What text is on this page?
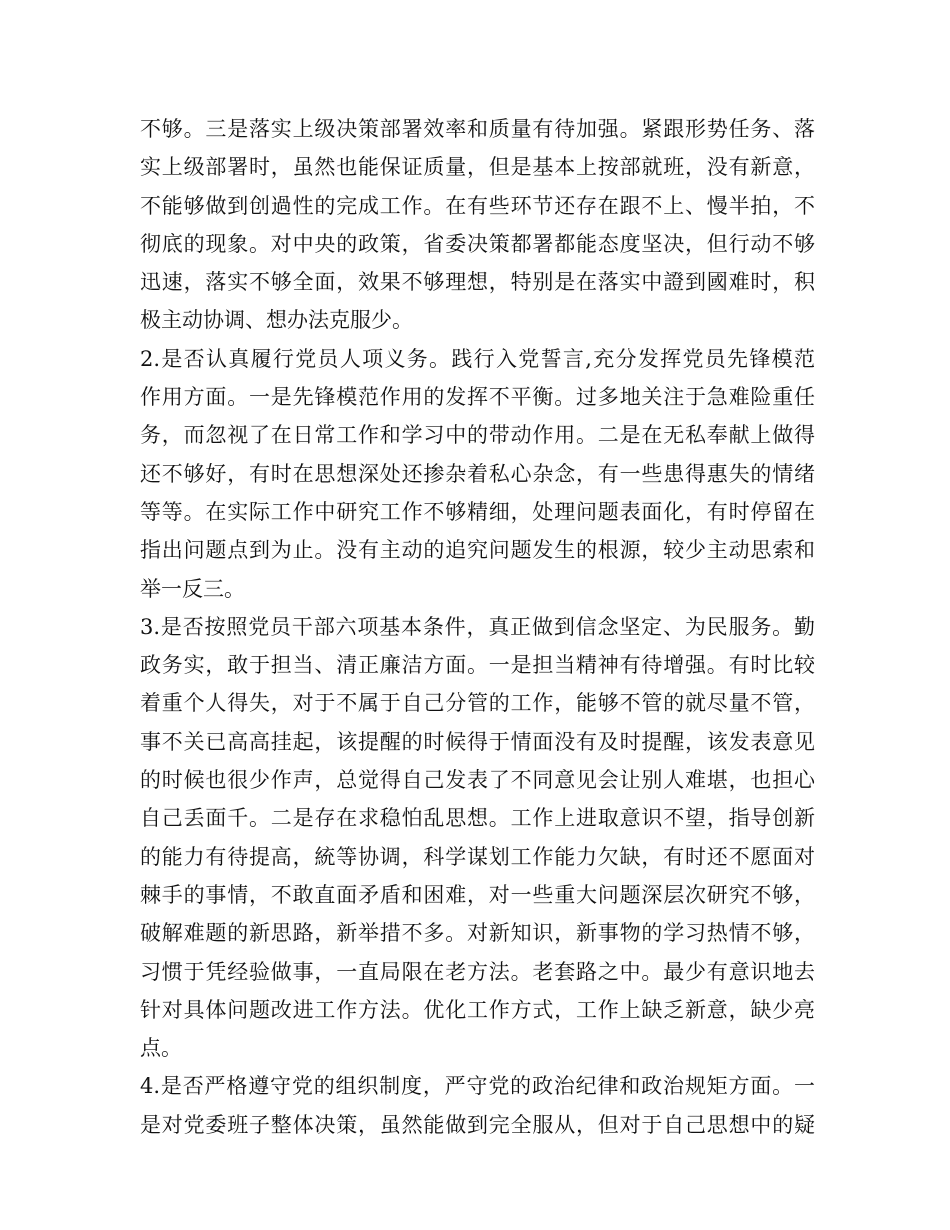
不够。三是落实上级决策部署效率和质量有待加强。紧跟形势任务、落
实上级部署时，虽然也能保证质量，但是基本上按部就班，没有新意，
不能够做到创過性的完成工作。在有些环节还存在跟不上、慢半拍，不
彻底的现象。对中央的政策，省委决策都署都能态度坚决，但行动不够
迅速，落实不够全面，效果不够理想，特别是在落实中證到國难时，积
极主动协调、想办法克服少。
2.是否认真履行党员人项义务。践行入党誓言,充分发挥党员先锋模范
作用方面。一是先锋模范作用的发挥不平衡。过多地关注于急难险重任
务，而忽视了在日常工作和学习中的带动作用。二是在无私奉献上做得
还不够好，有时在思想深处还掺杂着私心杂念，有一些患得惠失的情绪
等等。在实际工作中研究工作不够精细，处理问题表面化，有时停留在
指出问题点到为止。没有主动的追究问题发生的根源，较少主动思索和
举一反三。
3.是否按照党员干部六项基本条件，真正做到信念坚定、为民服务。勤
政务实，敢于担当、清正廉洁方面。一是担当精神有待增强。有时比较
着重个人得失，对于不属于自己分管的工作，能够不管的就尽量不管，
事不关已高高挂起，该提醒的时候得于情面没有及时提醒，该发表意见
的时候也很少作声，总觉得自己发表了不同意见会让别人难堪，也担心
自己丢面千。二是存在求稳怕乱思想。工作上进取意识不望，指导创新
的能力有待提高，統等协调，科学谋划工作能力欠缺，有时还不愿面对
棘手的事情，不敢直面矛盾和困难，对一些重大问题深层次研究不够，
破解难题的新思路，新举措不多。对新知识，新事物的学习热情不够，
习惯于凭经验做事，一直局限在老方法。老套路之中。最少有意识地去
针对具体问题改进工作方法。优化工作方式，工作上缺乏新意，缺少亮
点。
4.是否严格遵守党的组织制度，严守党的政治纪律和政治规矩方面。一
是对党委班子整体决策，虽然能做到完全服从，但对于自己思想中的疑
